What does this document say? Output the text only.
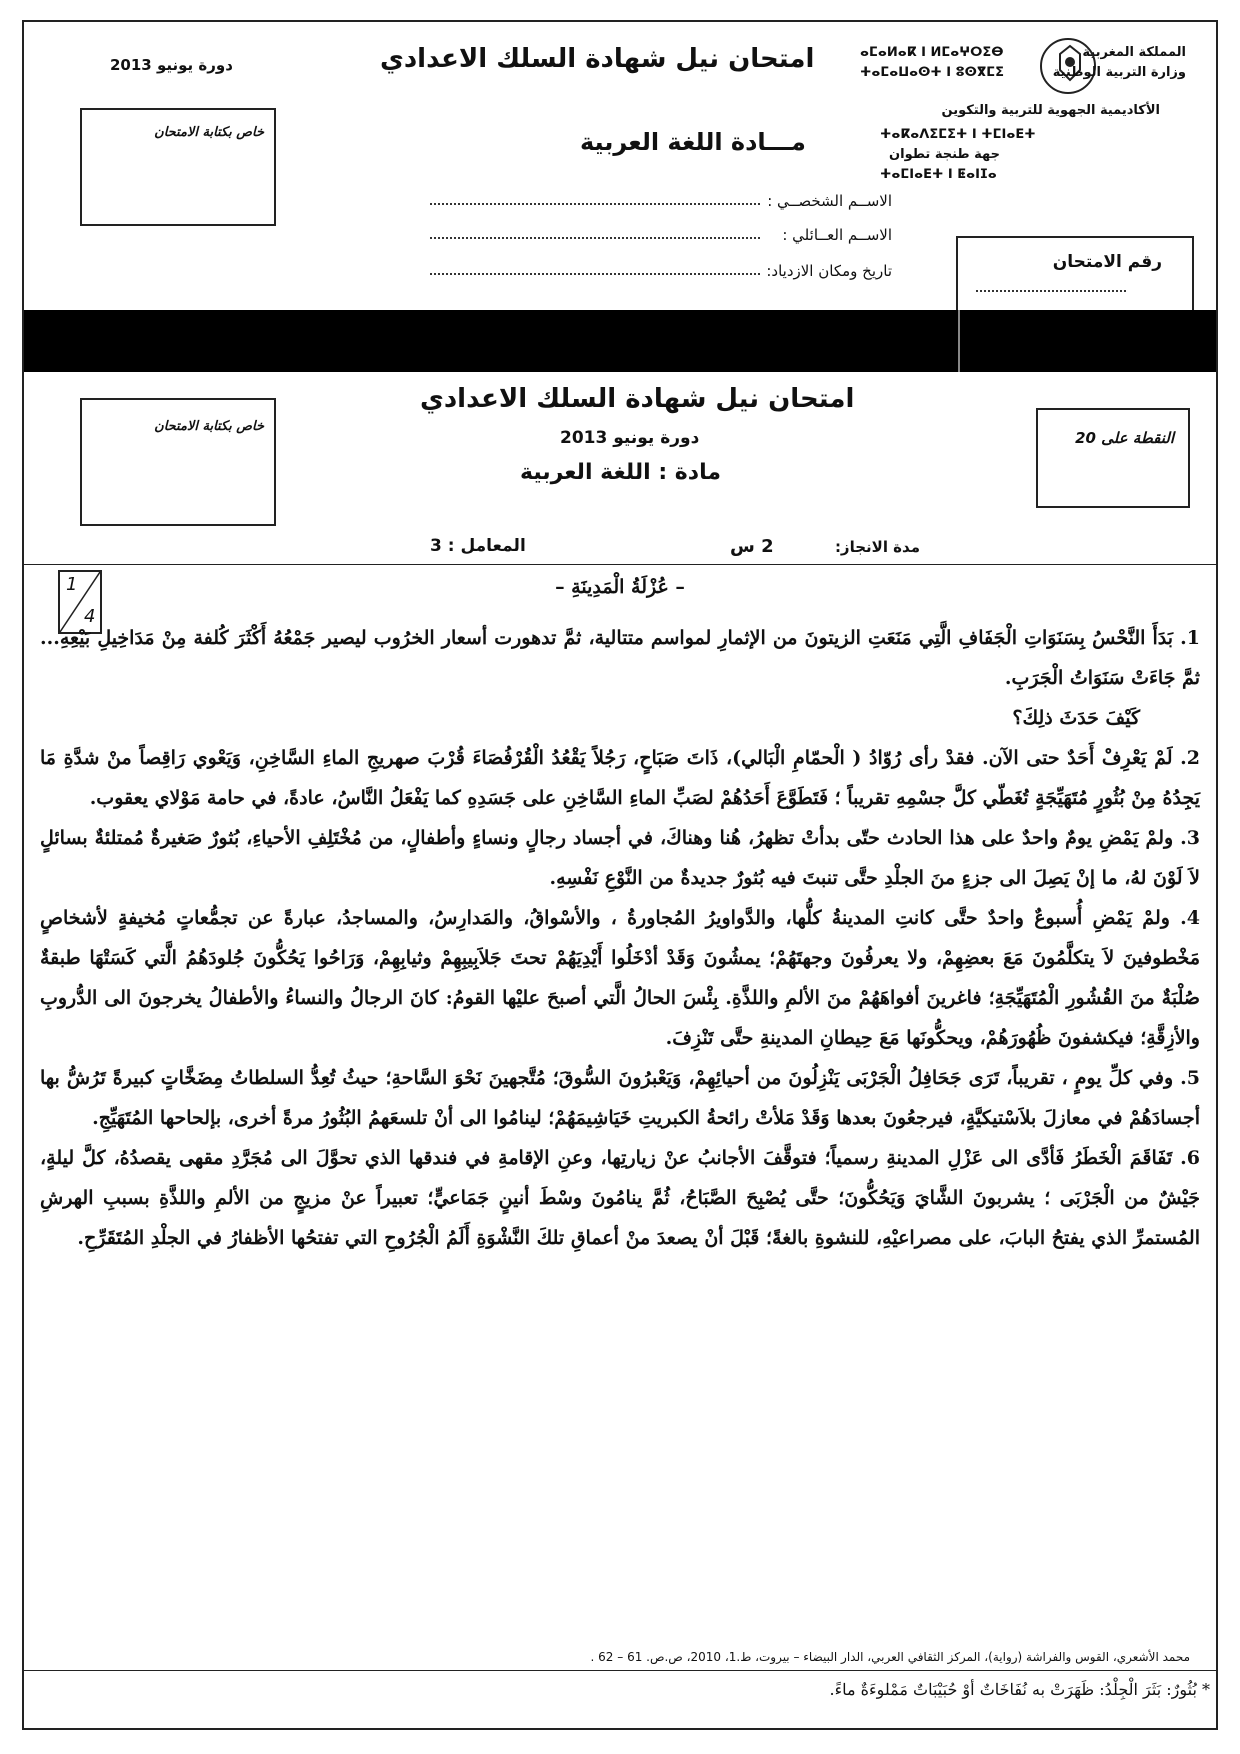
المملكة المغربية
ⴰⵎⴰⵍⴰⴽ ⵏ ⵍⵎⴰⵖⵔⵉⴱ
وزارة التربية الوطنية
ⵜⴰⵎⴰⵡⴰⵙⵜ ⵏ ⵓⵙⴳⵎⵉ
الأكاديمية الجهوية للتربية والتكوين
ⵜⴰⴽⴰⴷⵉⵎⵉⵜ ⵏ ⵜⵎⵏⴰⴹⵜ
جهة طنجة تطوان
ⵜⴰⵎⵏⴰⴹⵜ ⵏ ⵟⴰⵏⵊⴰ
امتحان نيل شهادة السلك الاعدادي
دورة يونيو 2013
مـــادة اللغة العربية
خاص بكتابة الامتحان
الاســم الشخصــي :
الاســم العــائلي :
تاريخ ومكان الازدياد:	رقم الامتحان
امتحان نيل شهادة السلك الاعدادي
دورة يونيو 2013
مادة : اللغة العربية
خاص بكتابة الامتحان
النقطة على 20
مدة الانجاز:
2 س
المعامل : 3
1
4
– عُزْلَةُ الْمَدِينَةِ –

1. بَدَأَ النَّحْسُ بِسَنَوَاتِ الْجَفَافِ الَّتِي مَنَعَتِ الزيتونَ من الإثمارِ لمواسم متتالية، ثمَّ تدهورت أسعار الخرُوب ليصير جَمْعُهُ أَكْثَرَ كُلفة مِنْ مَدَاخِيلِ بَيْعِهِ... ثمَّ جَاءَتْ سَنَوَاتُ الْجَرَبِ.

كَيْفَ حَدَثَ ذلِكَ؟

2. لَمْ يَعْرِفْ أَحَدٌ حتى الآن. فقدْ رأى رُوّادُ ( الْحمّامِ الْبَالي)، ذَاتَ صَبَاحٍ، رَجُلاً يَقْعُدُ الْقُرْفُصَاءَ قُرْبَ صهريجِ الماءِ السَّاخِنِ، وَيَعْوي رَاقِصاً منْ شدَّةِ مَا يَجِدُهُ مِنْ بُثُورٍ مُتَهَيِّجَةٍ تُغَطّي كلَّ جسْمِهِ تقريباً ؛ فَتَطَوَّعَ أَحَدُهُمْ لصَبِّ الماءِ السَّاخِنِ على جَسَدِهِ كما يَفْعَلُ النَّاسُ، عادةً، في حامة مَوْلاي يعقوب.

3. ولمْ يَمْضِ يومٌ واحدٌ على هذا الحادث حتّى بدأتْ تظهرُ، هُنا وهناكَ، في أجساد رجالٍ ونساءٍ وأطفالٍ، من مُخْتَلِفِ الأحياءِ، بُثورٌ صَغيرةٌ مُمتلئةٌ بسائلٍ لاَ لَوْنَ لهُ، ما إنْ يَصِلَ الى جزءٍ منَ الجلْدِ حتَّى تنبتَ فيه بُثورٌ جديدةٌ من النَّوْعِ نَفْسِهِ.

4. ولمْ يَمْضِ أُسبوعٌ واحدٌ حتَّى كانتِ المدينةُ كلُّها، والدَّواويرُ المُجاورةُ ، والأسْواقُ، والمَدارِسُ، والمساجدُ، عبارةً عن تجمُّعاتٍ مُخيفةٍ لأشخاصٍ مَخْطوفينَ لاَ يتكلَّمُونَ مَعَ بعضِهِمْ، ولا يعرفُونَ وجهتَهُمْ؛ يمشُونَ وَقَدْ أدْخَلُوا أَيْدِيَهُمْ تحتَ جَلاَبِيبِهِمْ وثيابِهِمْ، وَرَاحُوا يَحُكُّونَ جُلودَهُمُ الَّتي كَسَتْهَا طبقةٌ صُلْبَةٌ منَ القُشُورِ الْمُتَهَيِّجَةِ؛ فاغرينَ أفواهَهُمْ منَ الألمِ واللذَّةِ. بِئْسَ الحالُ الَّتي أصبحَ عليْها القومُ: كانَ الرجالُ والنساءُ والأطفالُ يخرجونَ الى الدُّروبِ والأزِقَّةِ؛ فيكشفونَ ظُهُورَهُمْ، ويحكُّونَها مَعَ حِيطانِ المدينةِ حتَّى تَنْزِفَ.

5. وفي كلِّ يومٍ ، تقريباً، تَرَى جَحَافِلُ الْجَرْبَى يَنْزِلُونَ من أحيائِهِمْ، وَيَعْبرُونَ السُّوقَ؛ مُتَّجهينَ نَحْوَ السَّاحةِ؛ حيثُ تُعِدُّ السلطاتُ مِضَخَّاتٍ كبيرةً تَرُشُّ بها أجسادَهُمْ في معازلَ بلاَسْتيكيَّةٍ، فيرجعُونَ بعدها وَقَدْ مَلأتْ رائحةُ الكبريتِ خَيَاشِيمَهُمْ؛ لينامُوا الى أنْ تلسعَهمُ البُثُورُ مرةً أخرى، بإلحاحها المُتَهَيِّجِ.

6. تَفَاقَمَ الْخَطَرُ فَأدَّى الى عَزْلِ المدينةِ رسمياً؛ فتوقَّفَ الأجانبُ عنْ زيارتِها، وعنِ الإقامةِ في فندقها الذي تحوَّلَ الى مُجَرَّدِ مقهى يقصدُهُ، كلَّ ليلةٍ، جَيْشٌ من الْجَرْبَى ؛ يشربونَ الشَّايَ وَيَحُكُّونَ؛ حتَّى يُصْبِحَ الصَّبَاحُ، ثُمَّ ينامُونَ وسْطَ أنينٍ جَمَاعيٍّ؛ تعبيراً عنْ مزيجٍ من الألمِ واللذَّةِ بسببِ الهرشِ المُستمرِّ الذي يفتحُ البابَ، على مصراعيْهِ، للنشوةِ بالغةً؛ قَبْلَ أنْ يصعدَ منْ أعماقِ تلكَ النَّشْوَةِ أَلَمُ الْجُرُوحِ التي تفتحُها الأظفارُ في الجلْدِ المُتَقَرِّحِ.

محمد الأشعري، القوس والفراشة (رواية)، المركز الثقافي العربي، الدار البيضاء – بيروت، ط.1، 2010، ص.ص. 61 – 62 .
* بُثُورٌ: بَثَرَ الْجِلْدُ: ظَهَرَتْ به نُفَاخَاتٌ أوْ حُبَيْبَاتٌ مَمْلوءَةٌ ماءً.
